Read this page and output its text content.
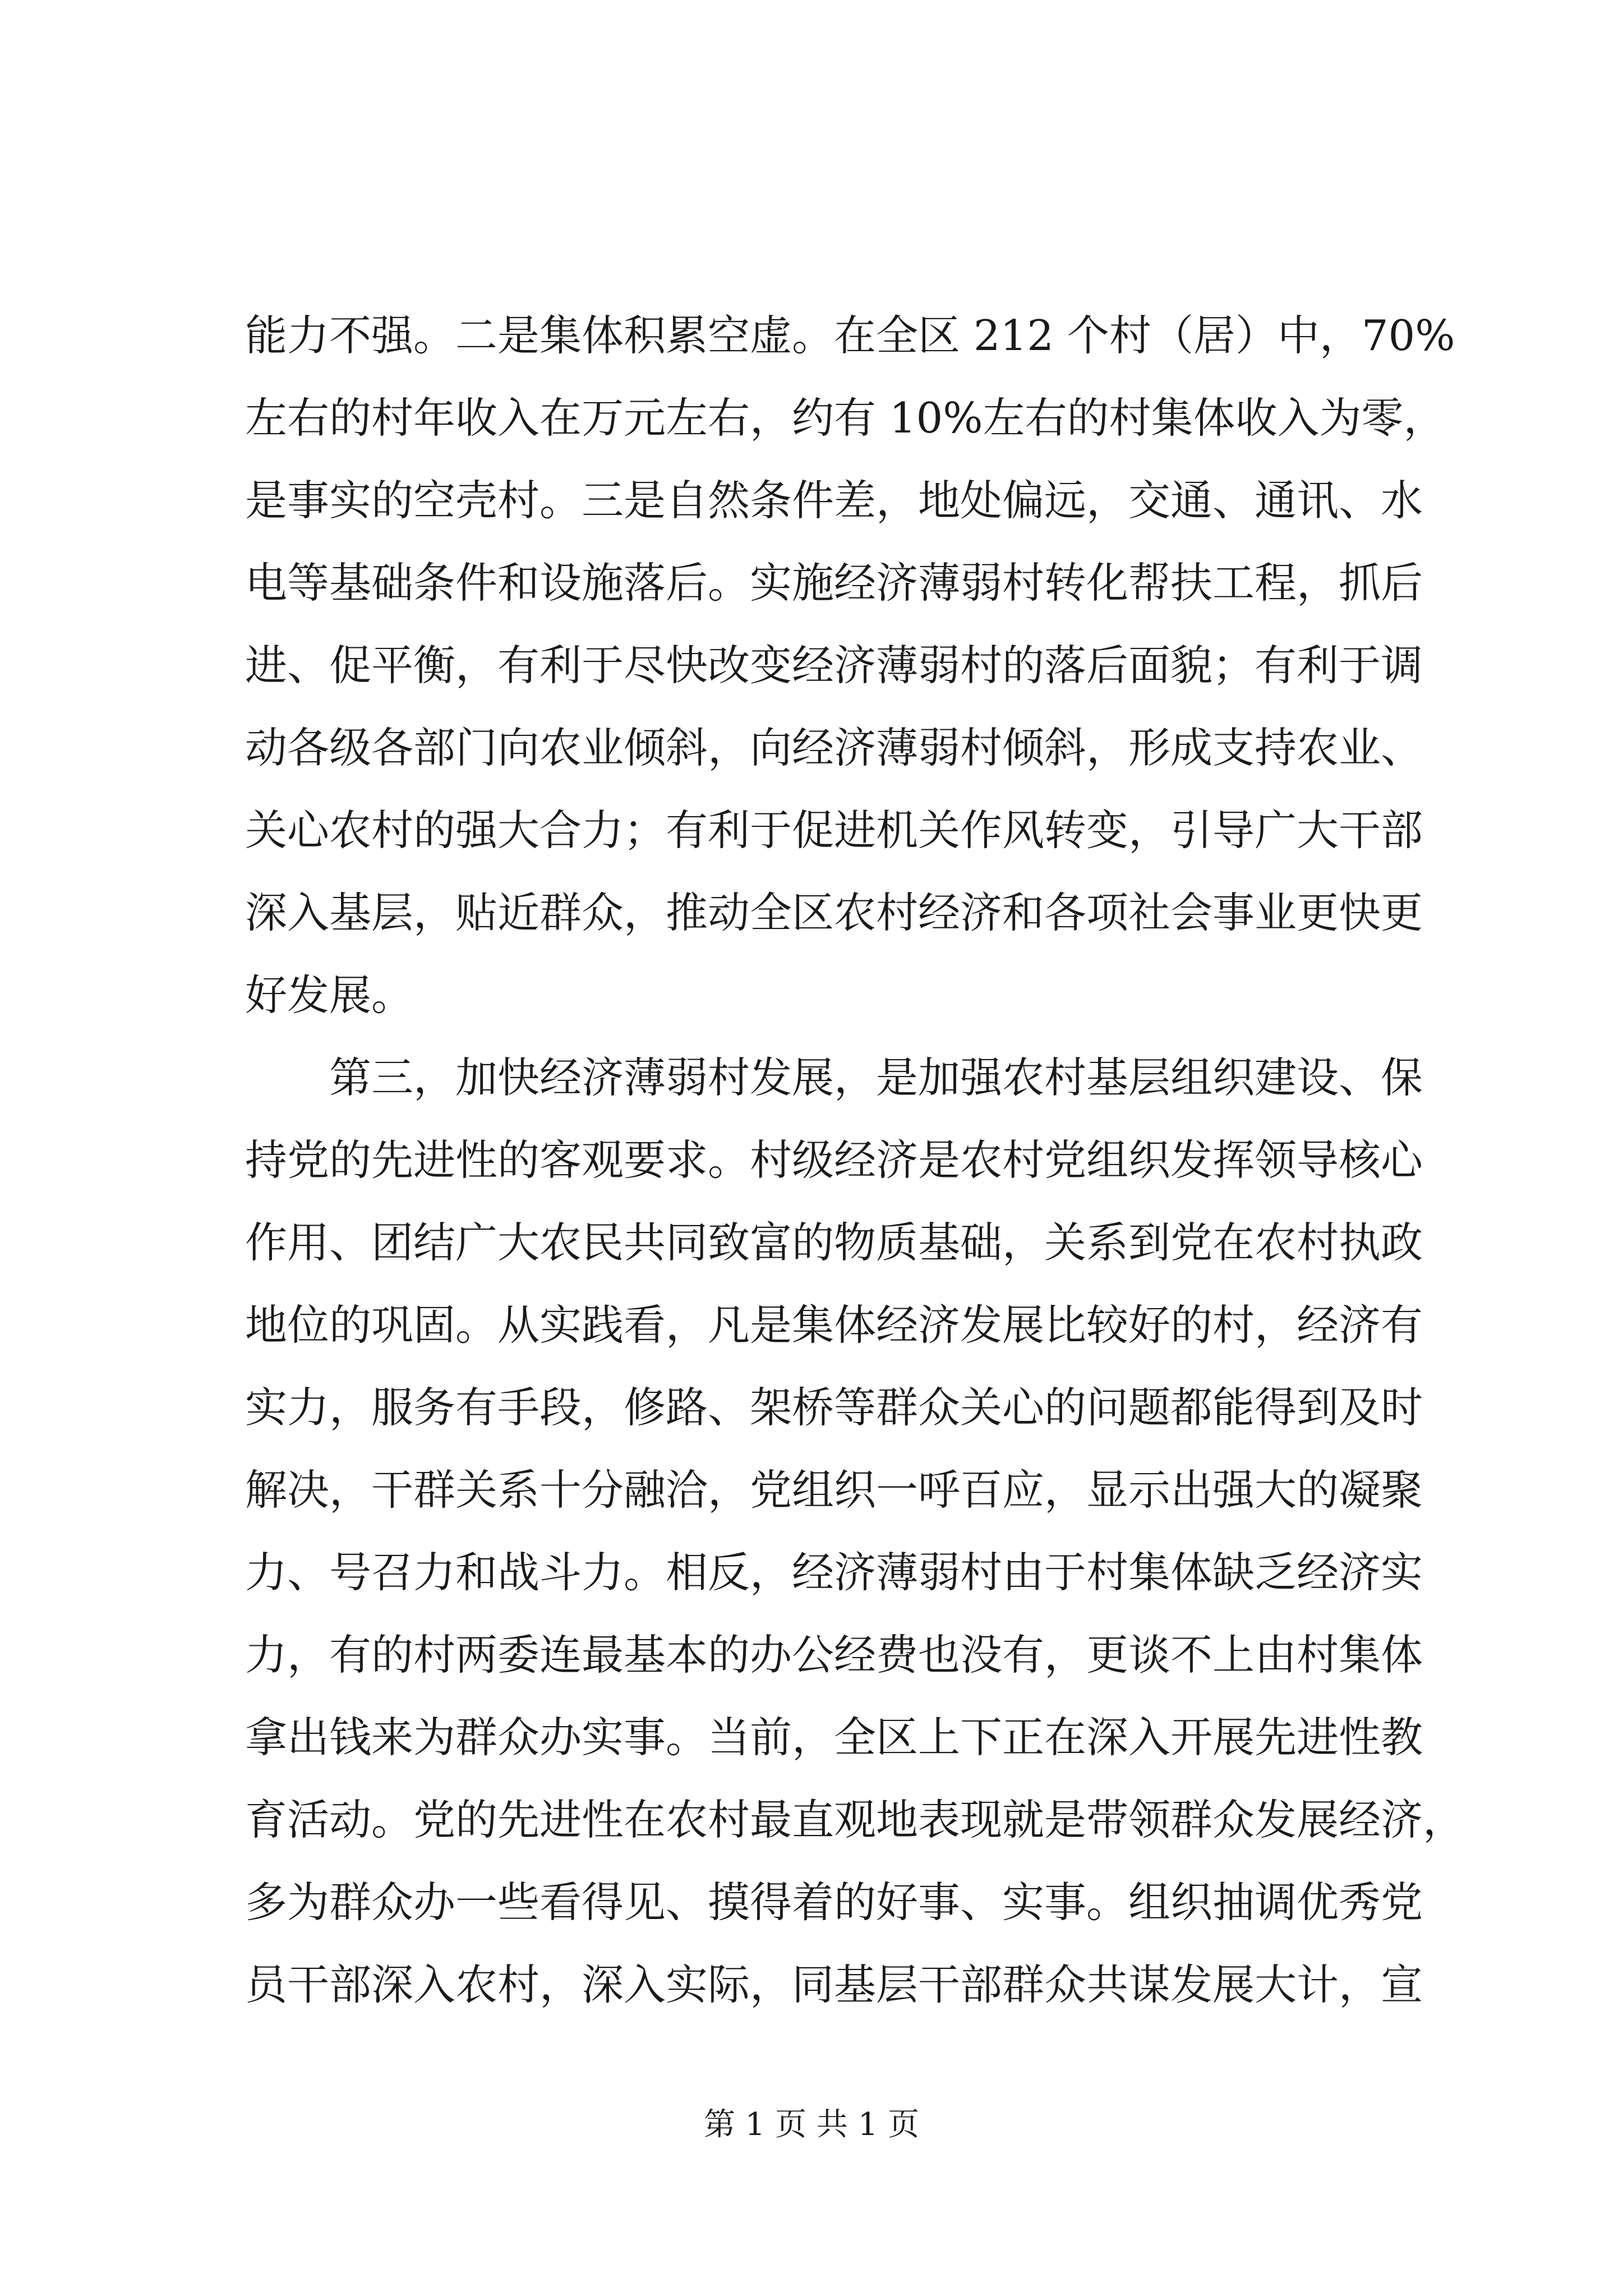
能力不强。二是集体积累空虚。在全区 212 个村（居）中，70%
左右的村年收入在万元左右，约有 10%左右的村集体收入为零，
是事实的空壳村。三是自然条件差，地处偏远，交通、通讯、水
电等基础条件和设施落后。实施经济薄弱村转化帮扶工程，抓后
进、促平衡，有利于尽快改变经济薄弱村的落后面貌；有利于调
动各级各部门向农业倾斜，向经济薄弱村倾斜，形成支持农业、
关心农村的强大合力；有利于促进机关作风转变，引导广大干部
深入基层，贴近群众，推动全区农村经济和各项社会事业更快更
好发展。
第三，加快经济薄弱村发展，是加强农村基层组织建设、保
持党的先进性的客观要求。村级经济是农村党组织发挥领导核心
作用、团结广大农民共同致富的物质基础，关系到党在农村执政
地位的巩固。从实践看，凡是集体经济发展比较好的村，经济有
实力，服务有手段，修路、架桥等群众关心的问题都能得到及时
解决，干群关系十分融洽，党组织一呼百应，显示出强大的凝聚
力、号召力和战斗力。相反，经济薄弱村由于村集体缺乏经济实
力，有的村两委连最基本的办公经费也没有，更谈不上由村集体
拿出钱来为群众办实事。当前，全区上下正在深入开展先进性教
育活动。党的先进性在农村最直观地表现就是带领群众发展经济，
多为群众办一些看得见、摸得着的好事、实事。组织抽调优秀党
员干部深入农村，深入实际，同基层干部群众共谋发展大计，宣
第 1 页 共 1 页
